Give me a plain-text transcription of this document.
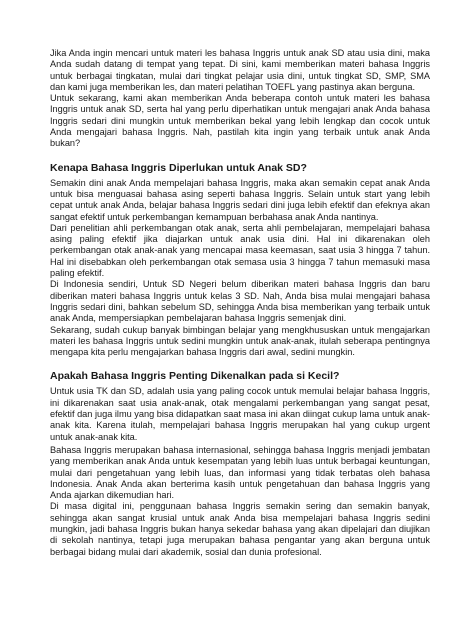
Jika Anda ingin mencari untuk materi les bahasa Inggris untuk anak SD atau usia dini, maka Anda sudah datang di tempat yang tepat. Di sini, kami memberikan materi bahasa Inggris untuk berbagai tingkatan, mulai dari tingkat pelajar usia dini, untuk tingkat SD, SMP, SMA dan kami juga memberikan les, dan materi pelatihan TOEFL yang pastinya akan berguna.

Untuk sekarang, kami akan memberikan Anda beberapa contoh untuk materi les bahasa Inggris untuk anak SD, serta hal yang perlu diperhatikan untuk mengajari anak Anda bahasa Inggris sedari dini mungkin untuk memberikan bekal yang lebih lengkap dan cocok untuk Anda mengajari bahasa Inggris. Nah, pastilah kita ingin yang terbaik untuk anak Anda bukan?

Kenapa Bahasa Inggris Diperlukan untuk Anak SD?

Semakin dini anak Anda mempelajari bahasa Inggris, maka akan semakin cepat anak Anda untuk bisa menguasai bahasa asing seperti bahasa Inggris. Selain untuk start yang lebih cepat untuk anak Anda, belajar bahasa Inggris sedari dini juga lebih efektif dan efeknya akan sangat efektif untuk perkembangan kemampuan berbahasa anak Anda nantinya.

Dari penelitian ahli perkembangan otak anak, serta ahli pembelajaran, mempelajari bahasa asing paling efektif jika diajarkan untuk anak usia dini. Hal ini dikarenakan oleh perkembangan otak anak-anak yang mencapai masa keemasan, saat usia 3 hingga 7 tahun. Hal ini disebabkan oleh perkembangan otak semasa usia 3 hingga 7 tahun memasuki masa paling efektif.

Di Indonesia sendiri, Untuk SD Negeri belum diberikan materi bahasa Inggris dan baru diberikan materi bahasa Inggris untuk kelas 3 SD. Nah, Anda bisa mulai mengajari bahasa Inggris sedari dini, bahkan sebelum SD, sehingga Anda bisa memberikan yang terbaik untuk anak Anda, mempersiapkan pembelajaran bahasa Inggris semenjak dini.

Sekarang, sudah cukup banyak bimbingan belajar yang mengkhususkan untuk mengajarkan materi les bahasa Inggris untuk sedini mungkin untuk anak-anak, itulah seberapa pentingnya mengapa kita perlu mengajarkan bahasa Inggris dari awal, sedini mungkin.

Apakah Bahasa Inggris Penting Dikenalkan pada si Kecil?

Untuk usia TK dan SD, adalah usia yang paling cocok untuk memulai belajar bahasa Inggris, ini dikarenakan saat usia anak-anak, otak mengalami perkembangan yang sangat pesat, efektif dan juga ilmu yang bisa didapatkan saat masa ini akan diingat cukup lama untuk anak-anak kita. Karena itulah, mempelajari bahasa Inggris merupakan hal yang cukup urgent untuk anak-anak kita.

Bahasa Inggris merupakan bahasa internasional, sehingga bahasa Inggris menjadi jembatan yang memberikan anak Anda untuk kesempatan yang lebih luas untuk berbagai keuntungan, mulai dari pengetahuan yang lebih luas, dan informasi yang tidak terbatas oleh bahasa Indonesia. Anak Anda akan berterima kasih untuk pengetahuan dan bahasa Inggris yang Anda ajarkan dikemudian hari.

Di masa digital ini, penggunaan bahasa Inggris semakin sering dan semakin banyak, sehingga akan sangat krusial untuk anak Anda bisa mempelajari bahasa Inggris sedini mungkin, jadi bahasa Inggris bukan hanya sekedar bahasa yang akan dipelajari dan diujikan di sekolah nantinya, tetapi juga merupakan bahasa pengantar yang akan berguna untuk berbagai bidang mulai dari akademik, sosial dan dunia profesional.
